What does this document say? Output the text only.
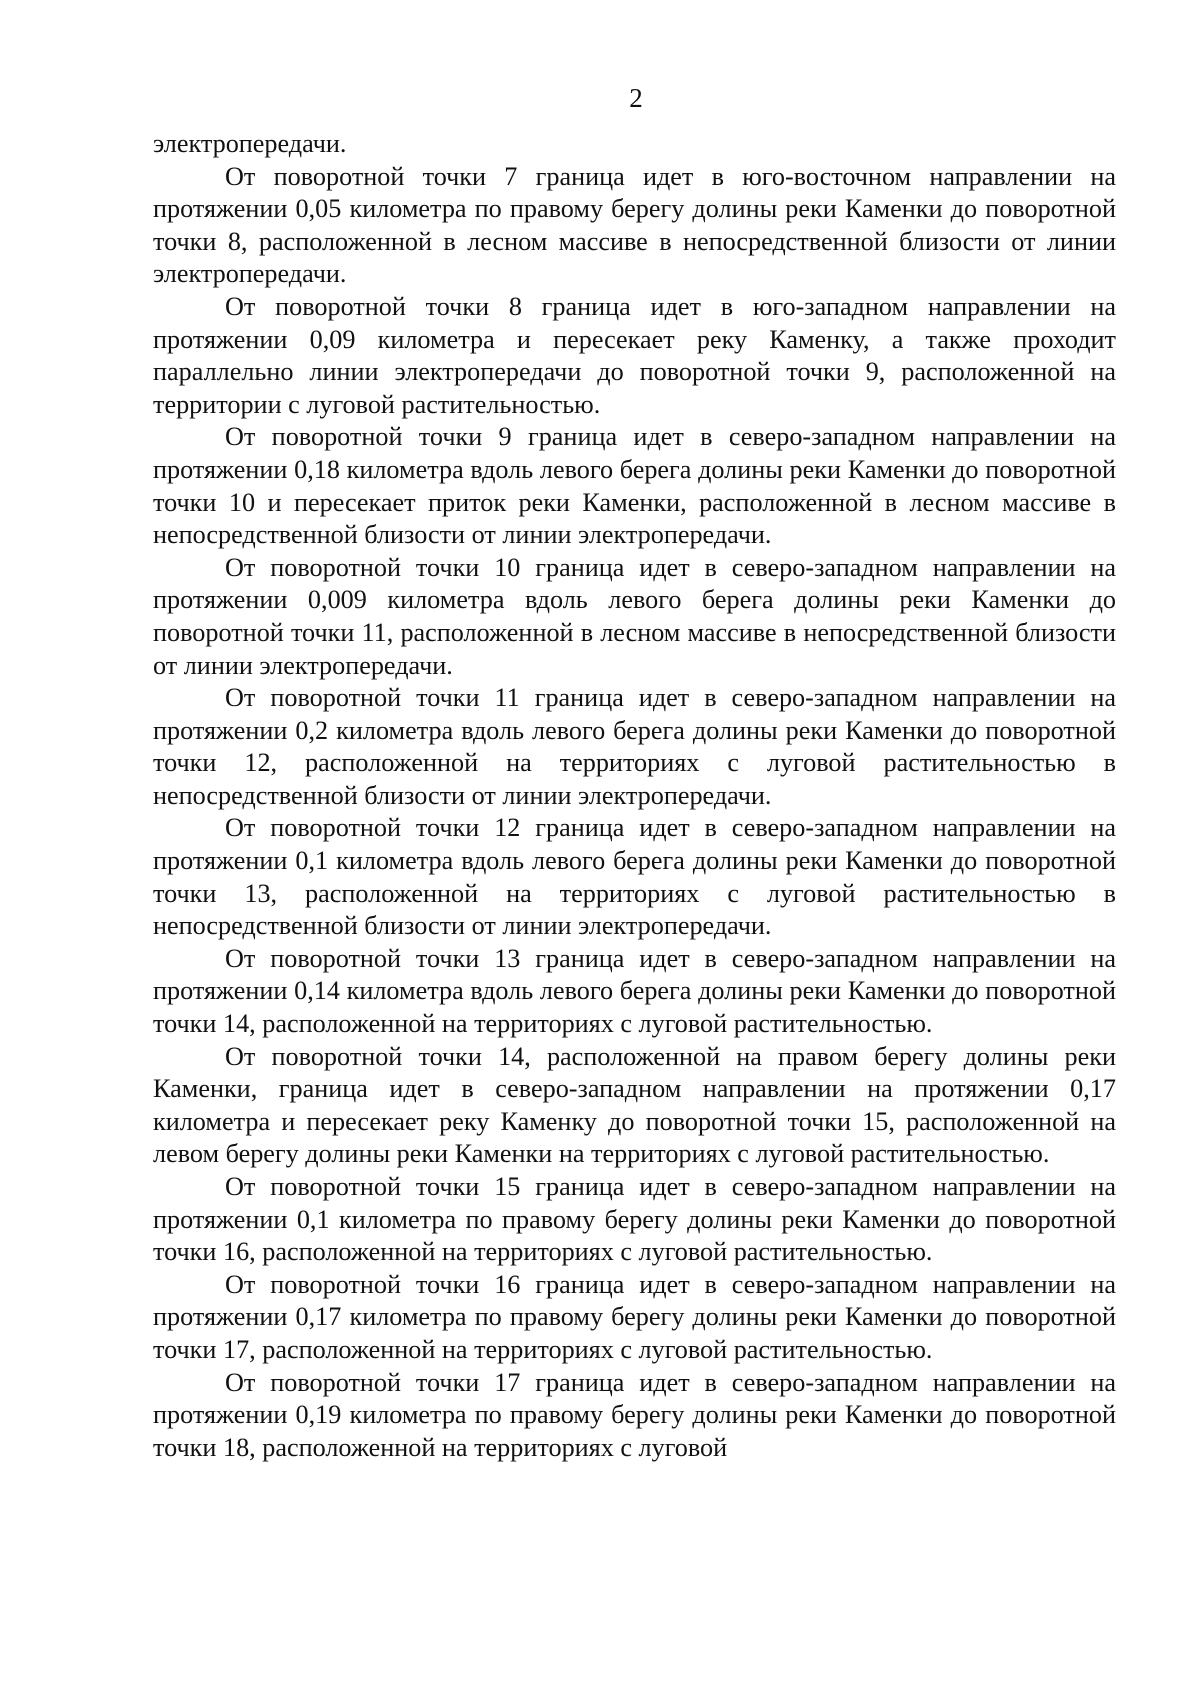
2

электропередачи.

От поворотной точки 7 граница идет в юго-восточном направлении на протяжении 0,05 километра по правому берегу долины реки Каменки до поворотной точки 8, расположенной в лесном массиве в непосредственной близости от линии электропередачи.

От поворотной точки 8 граница идет в юго-западном направлении на протяжении 0,09 километра и пересекает реку Каменку, а также проходит параллельно линии электропередачи до поворотной точки 9, расположенной на территории с луговой растительностью.

От поворотной точки 9 граница идет в северо-западном направлении на протяжении 0,18 километра вдоль левого берега долины реки Каменки до поворотной точки 10 и пересекает приток реки Каменки, расположенной в лесном массиве в непосредственной близости от линии электропередачи.

От поворотной точки 10 граница идет в северо-западном направлении на протяжении 0,009 километра вдоль левого берега долины реки Каменки до поворотной точки 11, расположенной в лесном массиве в непосредственной близости от линии электропередачи.

От поворотной точки 11 граница идет в северо-западном направлении на протяжении 0,2 километра вдоль левого берега долины реки Каменки до поворотной точки 12, расположенной на территориях с луговой растительностью в непосредственной близости от линии электропередачи.

От поворотной точки 12 граница идет в северо-западном направлении на протяжении 0,1 километра вдоль левого берега долины реки Каменки до поворотной точки 13, расположенной на территориях с луговой растительностью в непосредственной близости от линии электропередачи.

От поворотной точки 13 граница идет в северо-западном направлении на протяжении 0,14 километра вдоль левого берега долины реки Каменки до поворотной точки 14, расположенной на территориях с луговой растительностью.

От поворотной точки 14, расположенной на правом берегу долины реки Каменки, граница идет в северо-западном направлении на протяжении 0,17 километра и пересекает реку Каменку до поворотной точки 15, расположенной на левом берегу долины реки Каменки на территориях с луговой растительностью.

От поворотной точки 15 граница идет в северо-западном направлении на протяжении 0,1 километра по правому берегу долины реки Каменки до поворотной точки 16, расположенной на территориях с луговой растительностью.

От поворотной точки 16 граница идет в северо-западном направлении на протяжении 0,17 километра по правому берегу долины реки Каменки до поворотной точки 17, расположенной на территориях с луговой растительностью.

От поворотной точки 17 граница идет в северо-западном направлении на протяжении 0,19 километра по правому берегу долины реки Каменки до поворотной точки 18, расположенной на территориях с луговой
